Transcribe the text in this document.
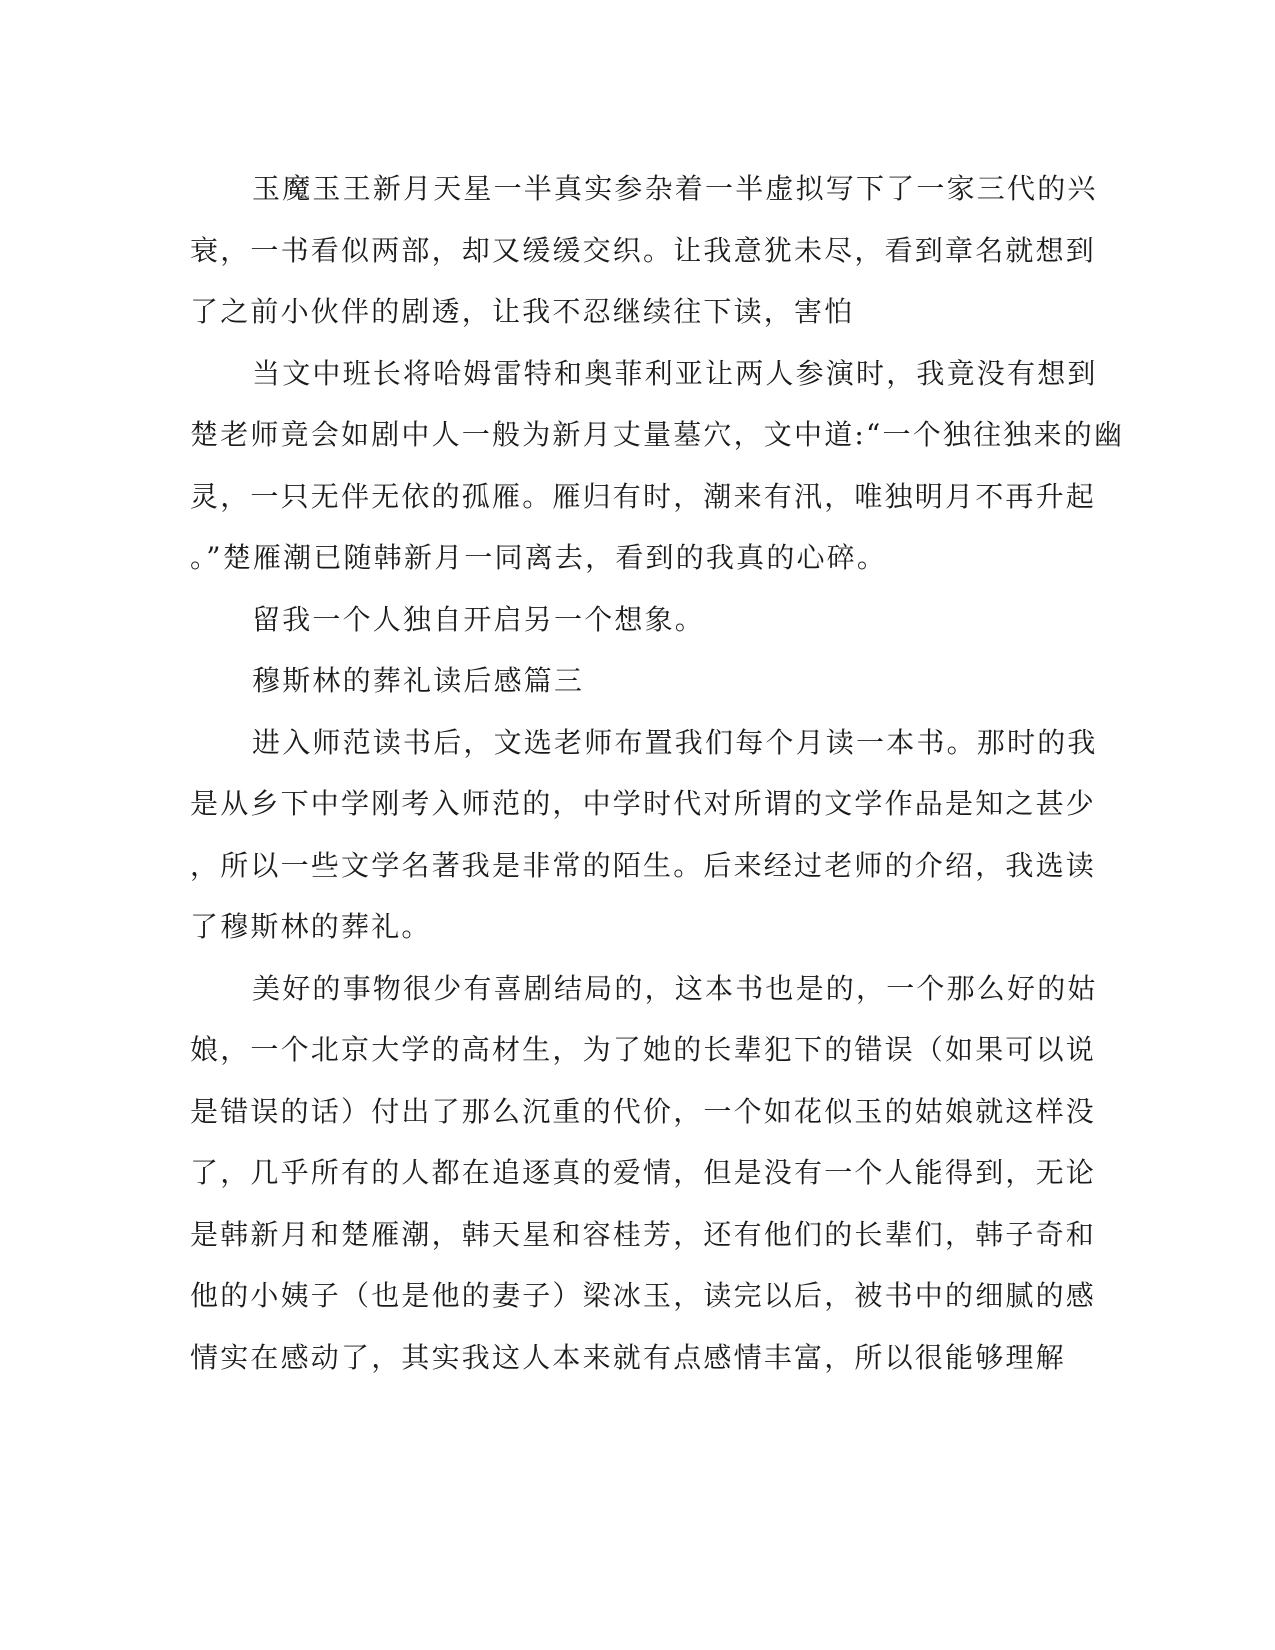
玉魔玉王新月天星一半真实参杂着一半虚拟写下了一家三代的兴
衰，一书看似两部，却又缓缓交织。让我意犹未尽，看到章名就想到
了之前小伙伴的剧透，让我不忍继续往下读，害怕
当文中班长将哈姆雷特和奥菲利亚让两人参演时，我竟没有想到
楚老师竟会如剧中人一般为新月丈量墓穴，文中道:“一个独往独来的幽
灵，一只无伴无依的孤雁。雁归有时，潮来有汛，唯独明月不再升起
。”楚雁潮已随韩新月一同离去，看到的我真的心碎。
留我一个人独自开启另一个想象。
穆斯林的葬礼读后感篇三
进入师范读书后，文选老师布置我们每个月读一本书。那时的我
是从乡下中学刚考入师范的，中学时代对所谓的文学作品是知之甚少
，所以一些文学名著我是非常的陌生。后来经过老师的介绍，我选读
了穆斯林的葬礼。
美好的事物很少有喜剧结局的，这本书也是的，一个那么好的姑
娘，一个北京大学的高材生，为了她的长辈犯下的错误（如果可以说
是错误的话）付出了那么沉重的代价，一个如花似玉的姑娘就这样没
了，几乎所有的人都在追逐真的爱情，但是没有一个人能得到，无论
是韩新月和楚雁潮，韩天星和容桂芳，还有他们的长辈们，韩子奇和
他的小姨子（也是他的妻子）梁冰玉，读完以后，被书中的细腻的感
情实在感动了，其实我这人本来就有点感情丰富，所以很能够理解
